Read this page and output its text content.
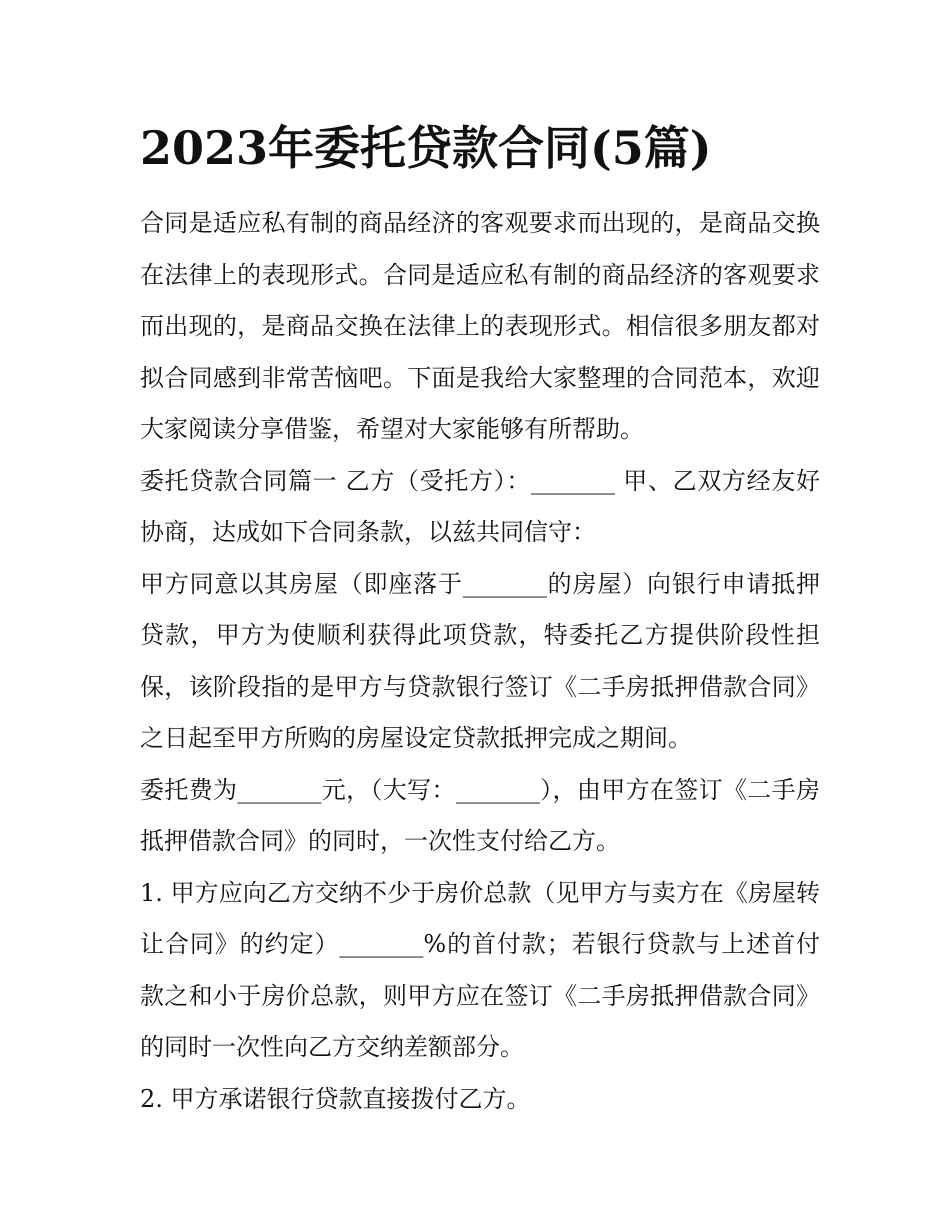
2023年委托贷款合同(5篇)

合同是适应私有制的商品经济的客观要求而出现的，是商品交换在法律上的表现形式。合同是适应私有制的商品经济的客观要求而出现的，是商品交换在法律上的表现形式。相信很多朋友都对拟合同感到非常苦恼吧。下面是我给大家整理的合同范本，欢迎大家阅读分享借鉴，希望对大家能够有所帮助。

委托贷款合同篇一 乙方（受托方）：_______ 甲、乙双方经友好协商，达成如下合同条款，以兹共同信守：

甲方同意以其房屋（即座落于_______的房屋）向银行申请抵押贷款，甲方为使顺利获得此项贷款，特委托乙方提供阶段性担保，该阶段指的是甲方与贷款银行签订《二手房抵押借款合同》之日起至甲方所购的房屋设定贷款抵押完成之期间。

委托费为_______元，（大写：_______），由甲方在签订《二手房抵押借款合同》的同时，一次性支付给乙方。

1. 甲方应向乙方交纳不少于房价总款（见甲方与卖方在《房屋转让合同》的约定）_______%的首付款；若银行贷款与上述首付款之和小于房价总款，则甲方应在签订《二手房抵押借款合同》的同时一次性向乙方交纳差额部分。

2. 甲方承诺银行贷款直接拨付乙方。
